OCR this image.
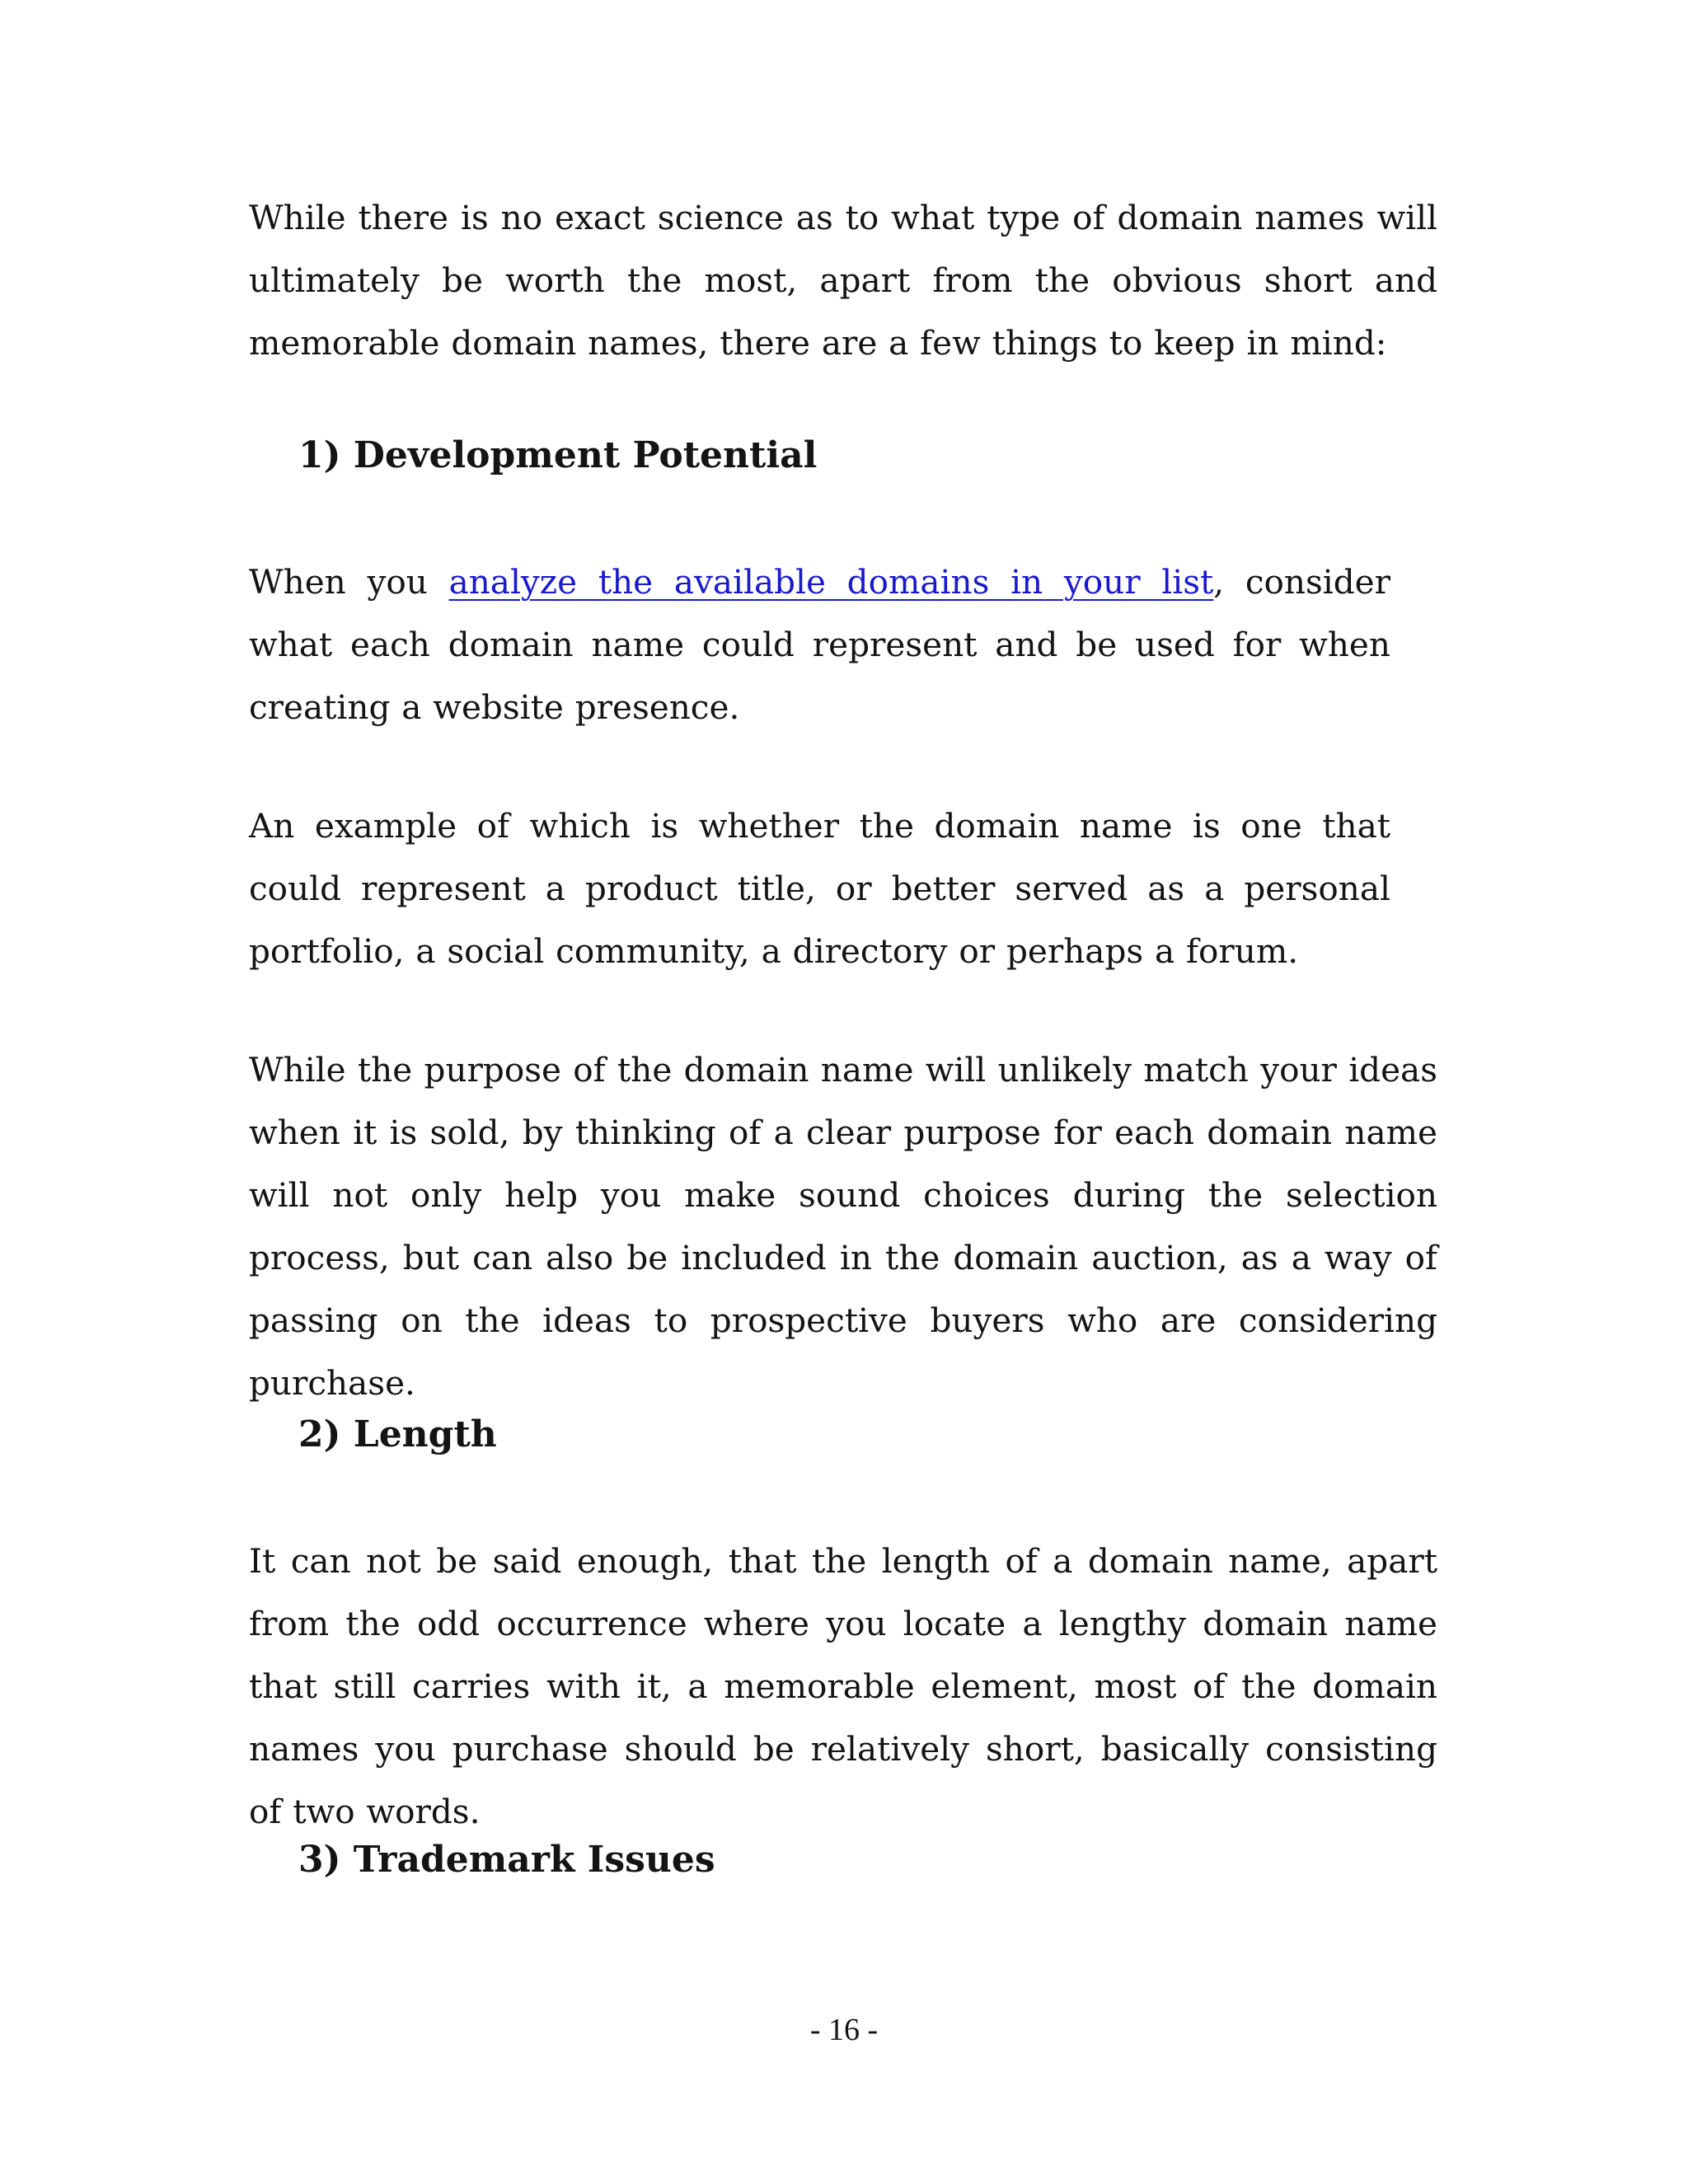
While there is no exact science as to what type of domain names will ultimately be worth the most, apart from the obvious short and memorable domain names, there are a few things to keep in mind:

1) Development Potential

When you analyze the available domains in your list, consider what each domain name could represent and be used for when creating a website presence.

An example of which is whether the domain name is one that could represent a product title, or better served as a personal portfolio, a social community, a directory or perhaps a forum.

While the purpose of the domain name will unlikely match your ideas when it is sold, by thinking of a clear purpose for each domain name will not only help you make sound choices during the selection process, but can also be included in the domain auction, as a way of passing on the ideas to prospective buyers who are considering purchase.

2) Length

It can not be said enough, that the length of a domain name, apart from the odd occurrence where you locate a lengthy domain name that still carries with it, a memorable element, most of the domain names you purchase should be relatively short, basically consisting of two words.

3) Trademark Issues

- 16 -
